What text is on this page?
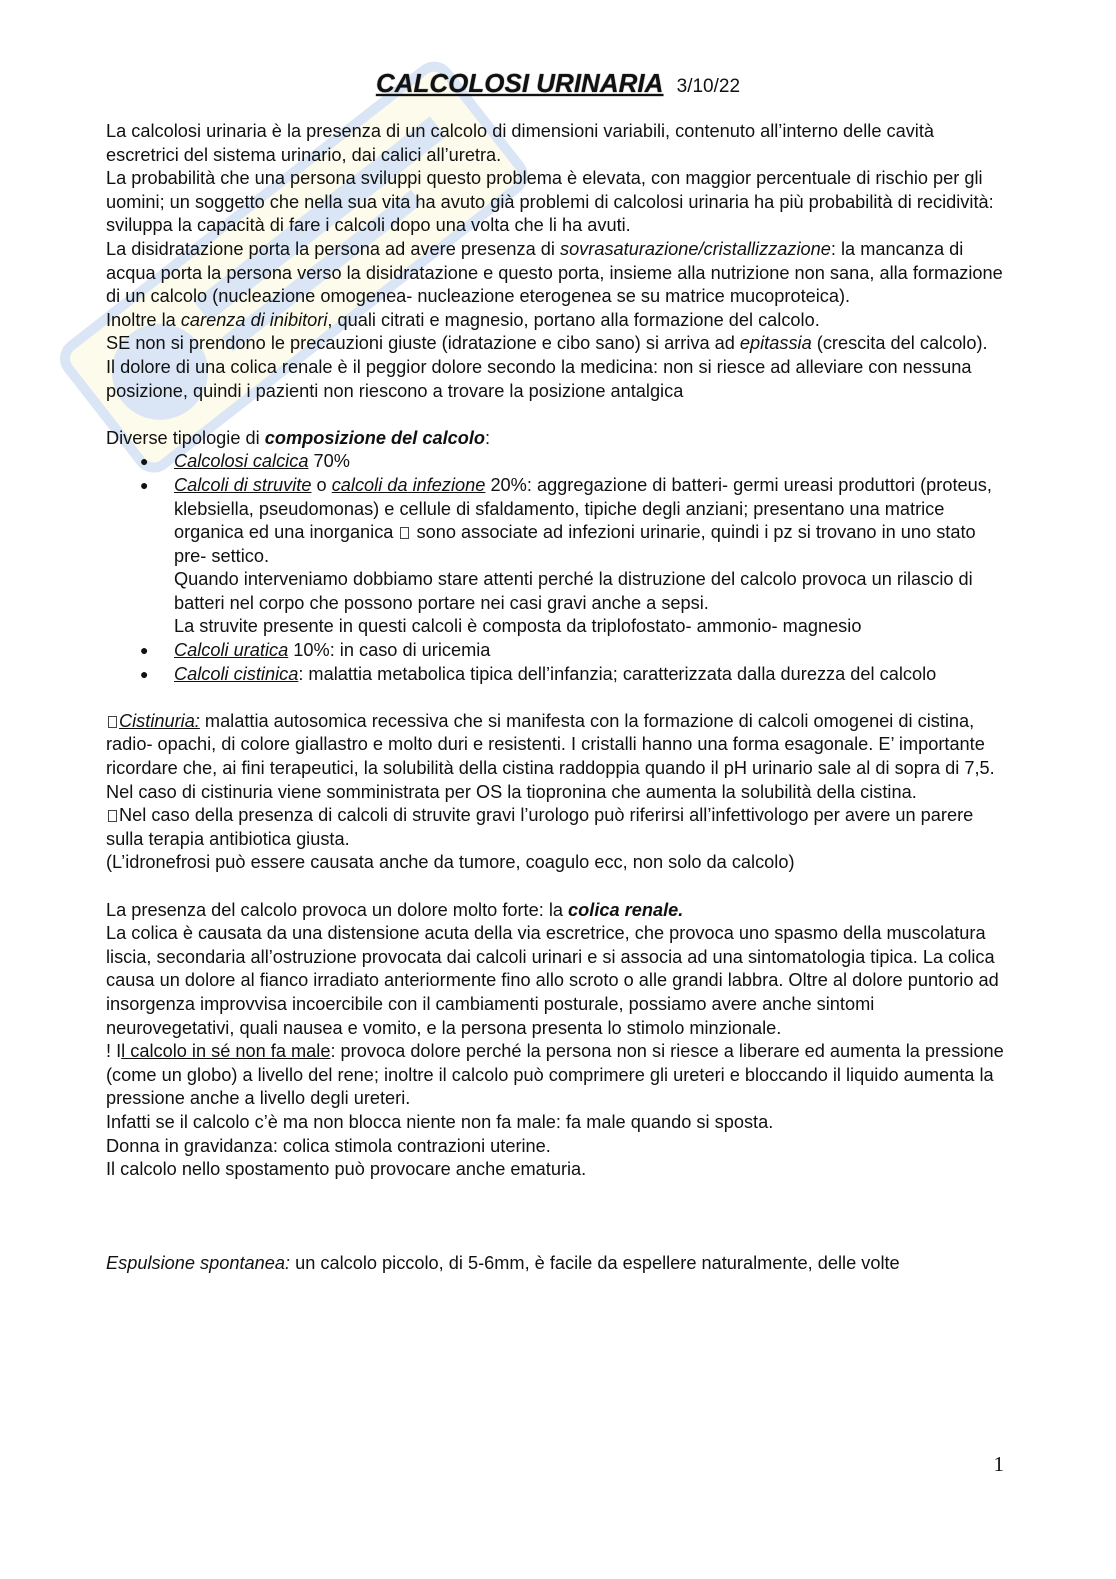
CALCOLOSI URINARIA 3/10/22

La calcolosi urinaria è la presenza di un calcolo di dimensioni variabili, contenuto all’interno delle cavità escretrici del sistema urinario, dai calici all’uretra.

La probabilità che una persona sviluppi questo problema è elevata, con maggior percentuale di rischio per gli uomini; un soggetto che nella sua vita ha avuto già problemi di calcolosi urinaria ha più probabilità di recidività: sviluppa la capacità di fare i calcoli dopo una volta che li ha avuti.

La disidratazione porta la persona ad avere presenza di sovrasaturazione/cristallizzazione: la mancanza di acqua porta la persona verso la disidratazione e questo porta, insieme alla nutrizione non sana, alla formazione di un calcolo (nucleazione omogenea- nucleazione eterogenea se su matrice mucoproteica).

Inoltre la carenza di inibitori, quali citrati e magnesio, portano alla formazione del calcolo.

SE non si prendono le precauzioni giuste (idratazione e cibo sano) si arriva ad epitassia (crescita del calcolo).

Il dolore di una colica renale è il peggior dolore secondo la medicina: non si riesce ad alleviare con nessuna posizione, quindi i pazienti non riescono a trovare la posizione antalgica

Diverse tipologie di composizione del calcolo:

● Calcolosi calcica 70%
● Calcoli di struvite o calcoli da infezione 20%: aggregazione di batteri- germi ureasi produttori (proteus, klebsiella, pseudomonas) e cellule di sfaldamento, tipiche degli anziani; presentano una matrice organica ed una inorganica  sono associate ad infezioni urinarie, quindi i pz si trovano in uno stato pre- settico.
Quando interveniamo dobbiamo stare attenti perché la distruzione del calcolo provoca un rilascio di batteri nel corpo che possono portare nei casi gravi anche a sepsi.
La struvite presente in questi calcoli è composta da triplofostato- ammonio- magnesio
● Calcoli uratica 10%: in caso di uricemia
● Calcoli cistinica: malattia metabolica tipica dell’infanzia; caratterizzata dalla durezza del calcolo

Cistinuria: malattia autosomica recessiva che si manifesta con la formazione di calcoli omogenei di cistina, radio- opachi, di colore giallastro e molto duri e resistenti. I cristalli hanno una forma esagonale. E’ importante ricordare che, ai fini terapeutici, la solubilità della cistina raddoppia quando il pH urinario sale al di sopra di 7,5.

Nel caso di cistinuria viene somministrata per OS la tiopronina che aumenta la solubilità della cistina.

Nel caso della presenza di calcoli di struvite gravi l’urologo può riferirsi all’infettivologo per avere un parere sulla terapia antibiotica giusta.

(L’idronefrosi può essere causata anche da tumore, coagulo ecc, non solo da calcolo)

La presenza del calcolo provoca un dolore molto forte: la colica renale.

La colica è causata da una distensione acuta della via escretrice, che provoca uno spasmo della muscolatura liscia, secondaria all’ostruzione provocata dai calcoli urinari e si associa ad una sintomatologia tipica. La colica causa un dolore al fianco irradiato anteriormente fino allo scroto o alle grandi labbra. Oltre al dolore puntorio ad insorgenza improvvisa incoercibile con il cambiamenti posturale, possiamo avere anche sintomi neurovegetativi, quali nausea e vomito, e la persona presenta lo stimolo minzionale.

! Il calcolo in sé non fa male: provoca dolore perché la persona non si riesce a liberare ed aumenta la pressione (come un globo) a livello del rene; inoltre il calcolo può comprimere gli ureteri e bloccando il liquido aumenta la pressione anche a livello degli ureteri.

Infatti se il calcolo c’è ma non blocca niente non fa male: fa male quando si sposta.

Donna in gravidanza: colica stimola contrazioni uterine.

Il calcolo nello spostamento può provocare anche ematuria.

Espulsione spontanea: un calcolo piccolo, di 5-6mm, è facile da espellere naturalmente, delle volte

1
